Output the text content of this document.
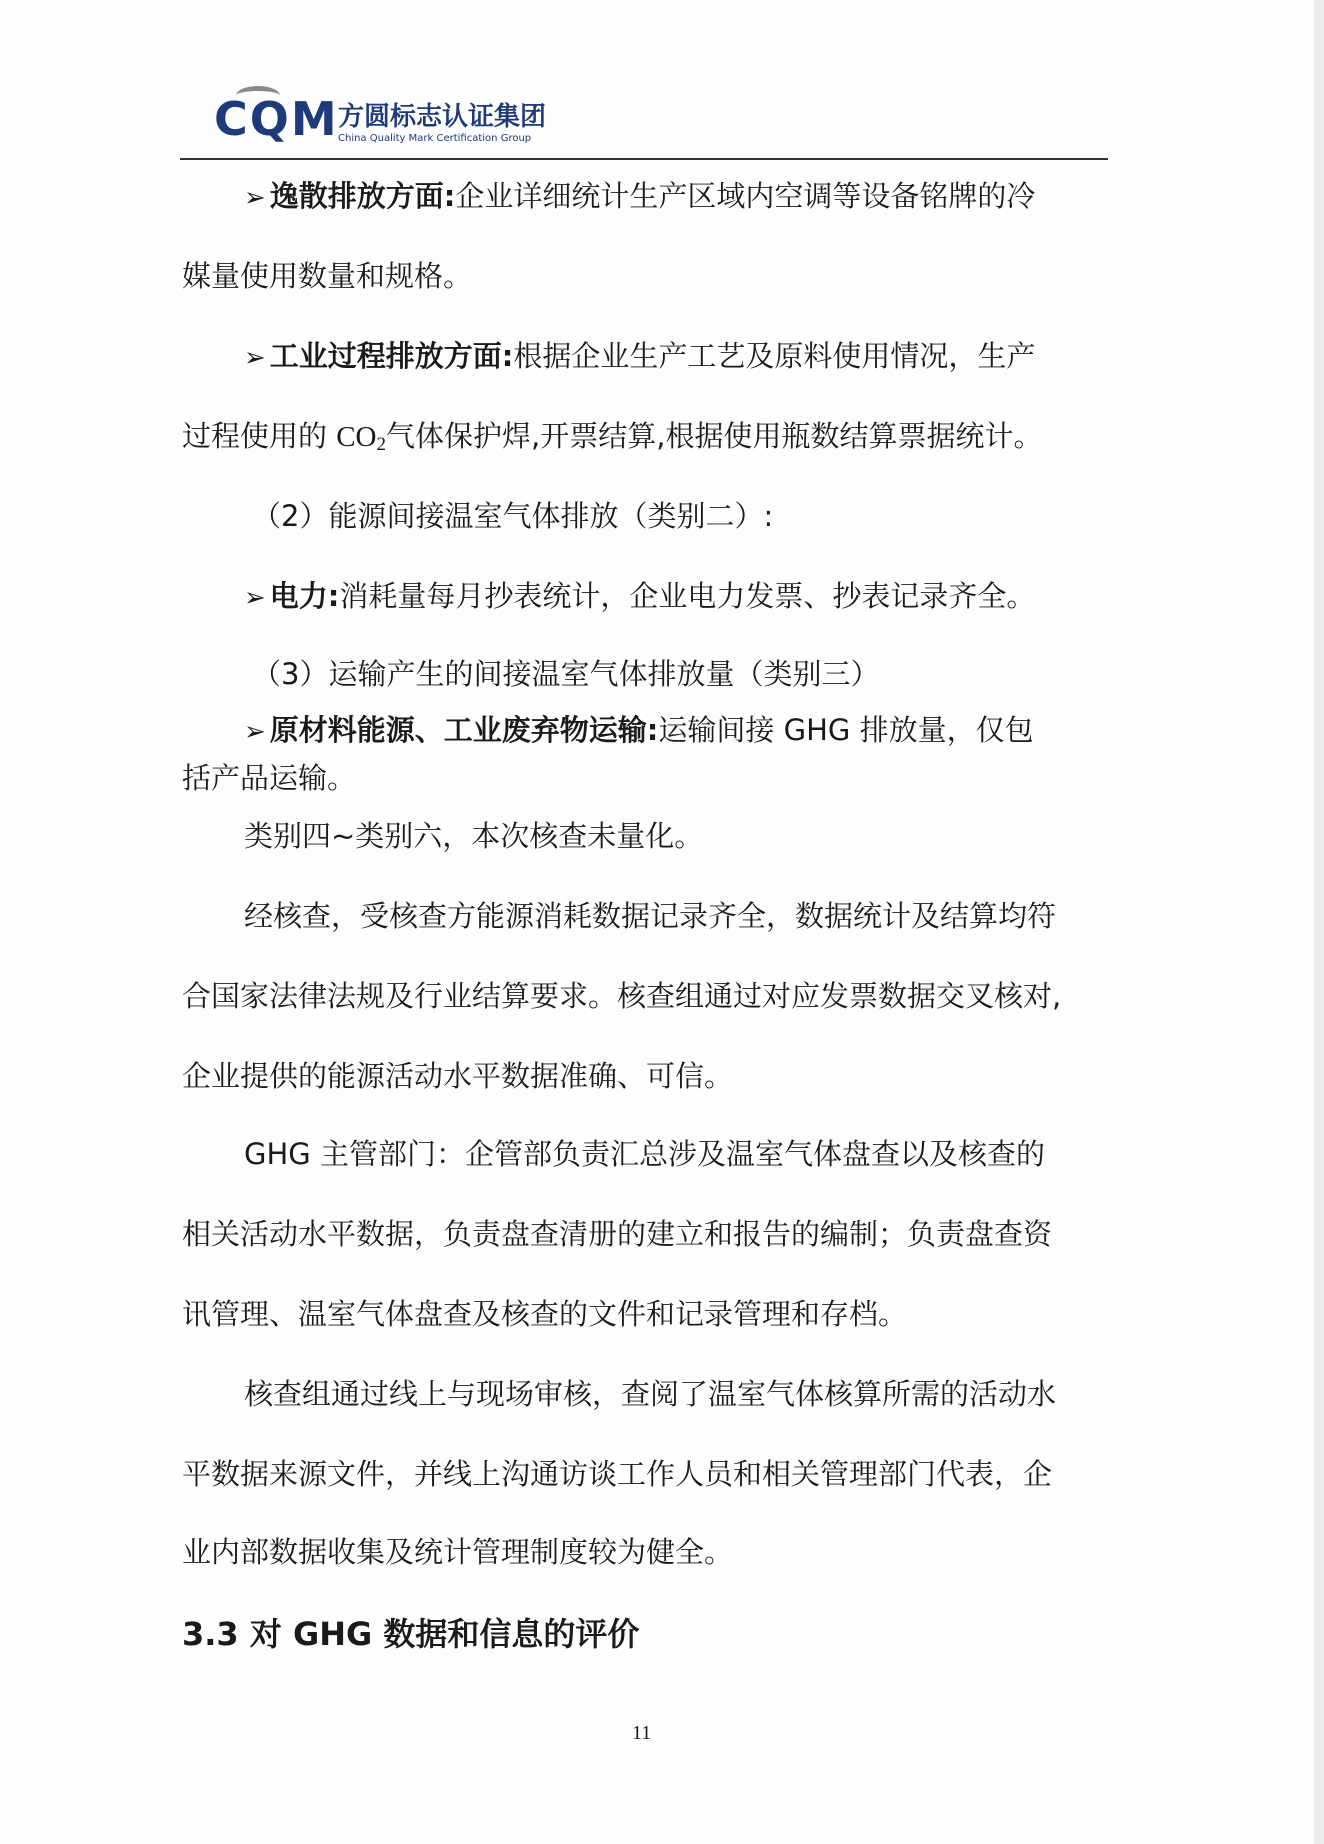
CQM 方圆标志认证集团
China Quality Mark Certification Group
➢ 逸散排放方面:企业详细统计生产区域内空调等设备铭牌的冷
媒量使用数量和规格。
➢ 工业过程排放方面:根据企业生产工艺及原料使用情况，生产
过程使用的 $CO_2$气体保护焊,开票结算,根据使用瓶数结算票据统计。
（2）能源间接温室气体排放（类别二）:
➢ 电力:消耗量每月抄表统计，企业电力发票、抄表记录齐全。
（3）运输产生的间接温室气体排放量（类别三）
➢ 原材料能源、工业废弃物运输:运输间接 GHG 排放量，仅包
括产品运输。
类别四~类别六，本次核查未量化。
经核查，受核查方能源消耗数据记录齐全，数据统计及结算均符
合国家法律法规及行业结算要求。核查组通过对应发票数据交叉核对,
企业提供的能源活动水平数据准确、可信。
GHG 主管部门：企管部负责汇总涉及温室气体盘查以及核查的
相关活动水平数据，负责盘查清册的建立和报告的编制；负责盘查资
讯管理、温室气体盘查及核查的文件和记录管理和存档。
核查组通过线上与现场审核，查阅了温室气体核算所需的活动水
平数据来源文件，并线上沟通访谈工作人员和相关管理部门代表，企
业内部数据收集及统计管理制度较为健全。
3.3 对 GHG 数据和信息的评价
11
